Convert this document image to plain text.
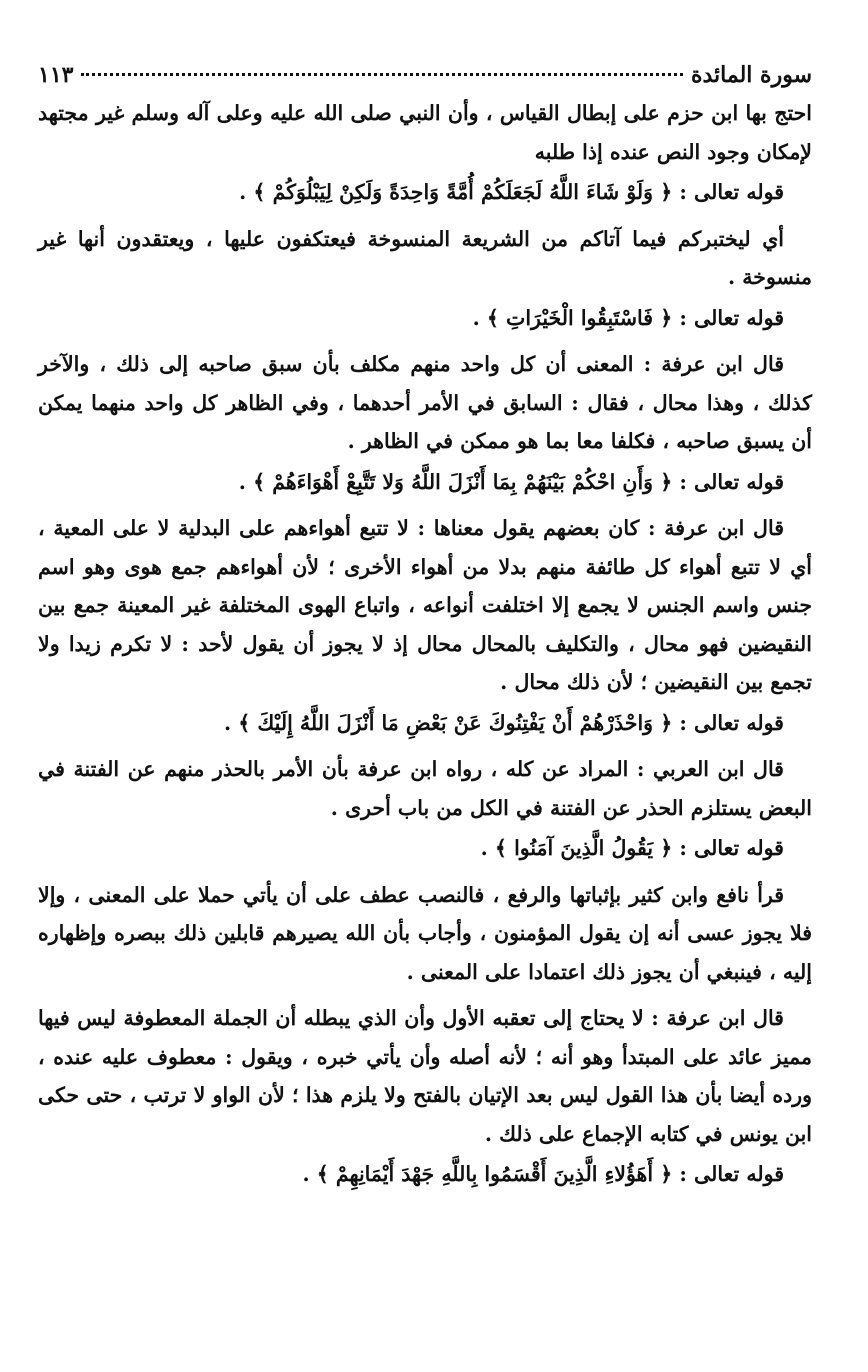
سورة المائدة
١١٣

احتج بها ابن حزم على إبطال القياس ، وأن النبي صلى الله عليه وعلى آله وسلم غير مجتهد لإمكان وجود النص عنده إذا طلبه

قوله تعالى : ﴿ وَلَوْ شَاءَ اللَّهُ لَجَعَلَكُمْ أُمَّةً وَاحِدَةً وَلَكِنْ لِيَبْلُوَكُمْ ﴾ .

أي ليختبركم فيما آتاكم من الشريعة المنسوخة فيعتكفون عليها ، ويعتقدون أنها غير منسوخة .

قوله تعالى : ﴿ فَاسْتَبِقُوا الْخَيْرَاتِ ﴾ .

قال ابن عرفة : المعنى أن كل واحد منهم مكلف بأن سبق صاحبه إلى ذلك ، والآخر كذلك ، وهذا محال ، فقال : السابق في الأمر أحدهما ، وفي الظاهر كل واحد منهما يمكن أن يسبق صاحبه ، فكلفا معا بما هو ممكن في الظاهر .

قوله تعالى : ﴿ وَأَنِ احْكُمْ بَيْنَهُمْ بِمَا أَنْزَلَ اللَّهُ وَلا تَتَّبِعْ أَهْوَاءَهُمْ ﴾ .

قال ابن عرفة : كان بعضهم يقول معناها : لا تتبع أهواءهم على البدلية لا على المعية ، أي لا تتبع أهواء كل طائفة منهم بدلا من أهواء الأخرى ؛ لأن أهواءهم جمع هوى وهو اسم جنس واسم الجنس لا يجمع إلا اختلفت أنواعه ، واتباع الهوى المختلفة غير المعينة جمع بين النقيضين فهو محال ، والتكليف بالمحال محال إذ لا يجوز أن يقول لأحد : لا تكرم زيدا ولا تجمع بين النقيضين ؛ لأن ذلك محال .

قوله تعالى : ﴿ وَاحْذَرْهُمْ أَنْ يَفْتِنُوكَ عَنْ بَعْضِ مَا أَنْزَلَ اللَّهُ إِلَيْكَ ﴾ .

قال ابن العربي : المراد عن كله ، رواه ابن عرفة بأن الأمر بالحذر منهم عن الفتنة في البعض يستلزم الحذر عن الفتنة في الكل من باب أحرى .

قوله تعالى : ﴿ يَقُولُ الَّذِينَ آمَنُوا ﴾ .

قرأ نافع وابن كثير بإثباتها والرفع ، فالنصب عطف على أن يأتي حملا على المعنى ، وإلا فلا يجوز عسى أنه إن يقول المؤمنون ، وأجاب بأن الله يصيرهم قابلين ذلك ببصره وإظهاره إليه ، فينبغي أن يجوز ذلك اعتمادا على المعنى .

قال ابن عرفة : لا يحتاج إلى تعقبه الأول وأن الذي يبطله أن الجملة المعطوفة ليس فيها مميز عائد على المبتدأ وهو أنه ؛ لأنه أصله وأن يأتي خبره ، ويقول : معطوف عليه عنده ، ورده أيضا بأن هذا القول ليس بعد الإتيان بالفتح ولا يلزم هذا ؛ لأن الواو لا ترتب ، حتى حكى ابن يونس في كتابه الإجماع على ذلك .

قوله تعالى : ﴿ أَهَؤُلاءِ الَّذِينَ أَقْسَمُوا بِاللَّهِ جَهْدَ أَيْمَانِهِمْ ﴾ .
